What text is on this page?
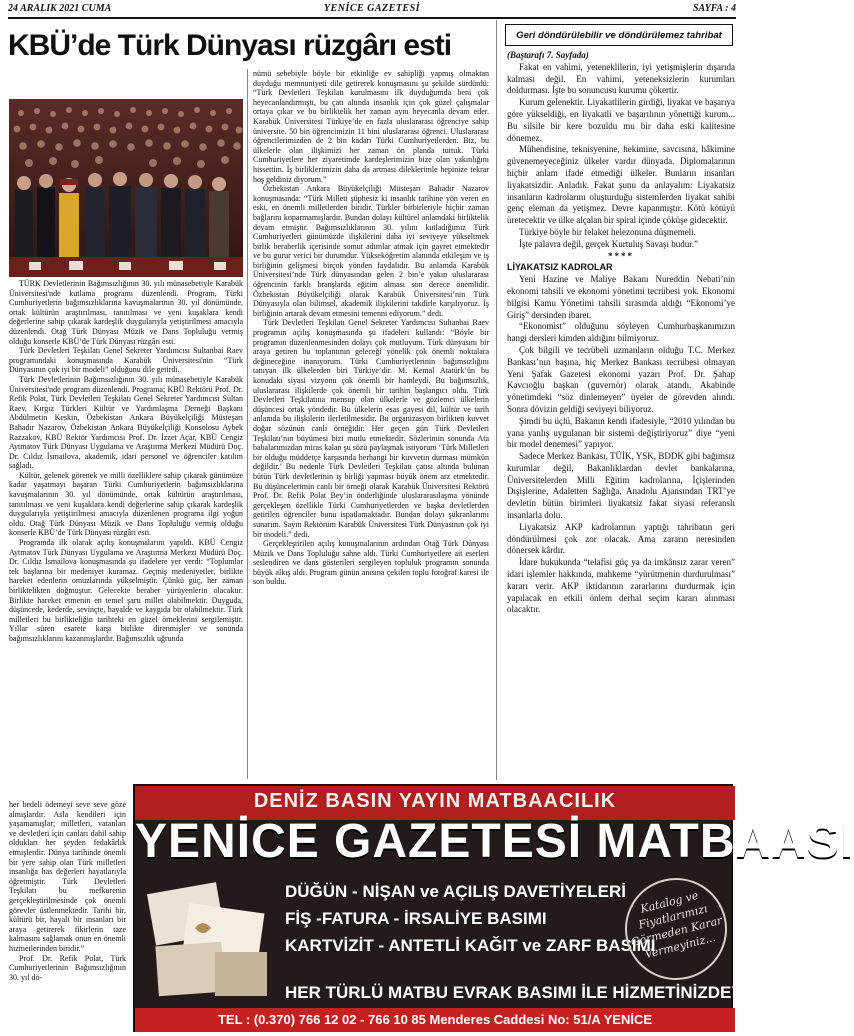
24 ARALIK 2021 CUMA	YENİCE GAZETESİ	SAYFA : 4
KBÜ’de Türk Dünyası rüzgârı esti

TÜRK Devletlerinin Bağımsızlığının 30. yılı münasebetiyle Karabük Üniversitesi'nde kutlama programı düzenlendi. Program, Türki Cumhuriyetlerin bağımsızlıklarına kavuşmalarının 30. yıl dönümünde, ortak kültürün araştırılması, tanıtılması ve yeni kuşaklara kendi değerlerine sahip çıkarak kardeşlik duygularıyla yetiştirilmesi amacıyla düzenlendi. Otağ Türk Dünyası Müzik ve Dans Topluluğu vermiş olduğu konserle KBÜ’de Türk Dünyası rüzgârı esti.

Türk Devletleri Teşkilatı Genel Sekreter Yardımcısı Sultanbai Raev programındaki konuşmasında Karabük Üniversitesi'nin “Türk Dünyasının çok iyi bir modeli” olduğunu dile getirdi.

Türk Devletlerinin Bağımsızlığının 30. yılı münasebetiyle Karabük Üniversitesi'nde program düzenlendi. Programa; KBÜ Rektörü Prof. Dr. Refik Polat, Türk Devletleri Teşkilatı Genel Sekreter Yardımcısı Sultan Raev, Kırgız Türkleri Kültür ve Yardımlaşma Derneği Başkanı Abdülmetin Keskin, Özbekistan Ankara Büyükelçiliği Müsteşarı Bahadır Nazarov, Özbekistan Ankara Büyükelçiliği Konsolosu Aybek Razzakov, KBÜ Rektör Yardımcısı Prof. Dr. İzzet Açar, KBÜ Cengiz Aytmatov Türk Dünyası Uygulama ve Araştırma Merkezi Müdürü Doç. Dr. Cıldız İsmailova, akademik, idari personel ve öğrenciler katılım sağladı.

Kültür, gelenek görenek ve milli özelliklere sahip çıkarak günümüze kadar yaşatmayı başaran Türki Cumhuriyetlerin bağımsızlıklarına kavuşmalarının 30. yıl dönümünde, ortak kültürün araştırılması, tanıtılması ve yeni kuşaklara kendi değerlerine sahip çıkarak kardeşlik duygularıyla yetiştirilmesi amacıyla düzenlenen programa ilgi yoğun oldu. Otağ Türk Dünyası Müzik ve Dans Topluluğu vermiş olduğu konserle KBÜ’de Türk Dünyası rüzgârı esti.

Programda ilk olarak açılış konuşmalarını yapıldı. KBÜ Cengiz Aytmatov Türk Dünyası Uygulama ve Araştırma Merkezi Müdürü Doç. Dr. Cıldız İsmailova konuşmasında şu ifadelere yer verdi: “Toplumlar tek başlarına bir medeniyet kuramaz. Geçmiş medeniyetler, birlikte hareket edenlerin omuzlarında yükselmiştir. Çünkü güç, her zaman birliktelikten doğmuştur. Gelecekte beraber yürüyenlerin olacaktır. Birlikte hareket etmenin en temel şartı millet olabilmektir. Duygudа, düşüncede, kederde, sevinçte, hayalde ve kaygıda bir olabilmektir. Türk milletleri bu birlikteliğin tarihteki en güzel örneklerini sergilemiştir. Yıllar süren esarete karşı birlikte direnmişler ve sonunda bağımsızlıklarını kazanmışlardır. Bağımsızlık uğrunda

her bedeli ödemeyi seve seve göze almışlardır. Asla kendileri için yaşamamışlar; milletleri, vatanları ve devletleri için canları dahil sahip oldukları her şeyden fedakârlık etmişlerdir. Dünya tarihinde önemli bir yere sahip olan Türk milletleri insanlığa has değerleri hayatlarıyla öğretmiştir. Türk Devletleri Teşkilatı bu mefkurenin gerçekleştirilmesinde çok önemli görevler üstlenmektedir. Tarihi bir, kültürü bir, hayali bir insanları bir araya getirerek fikirlerin taze kalmasını sağlamak onun en önemli hizmetlerinden biridir.”

Prof. Dr. Refik Polat, Türk Cumhuriyetlerinin Bağımsızlığının 30. yıl dö-

nümü sebebiyle böyle bir etkinliğe ev sahipliği yapmış olmaktan duyduğu memnuniyeti dile getirerek konuşmasını şu şekilde sürdürdü: “Türk Devletleri Teşkilatı kurulmasını ilk duyduğumda beni çok heyecanlandırmıştı, bu çatı altında insanlık için çok güzel çalışmalar ortaya çıkar ve bu birliktelik her zaman aynı heyecanla devam eder. Karabük Üniversitesi Türkiye’de en fazla uluslararası öğrenciye sahip üniversite. 50 bin öğrencimizin 11 bini uluslararası öğrenci. Uluslararası öğrencilerimizden de 2 bin kadarı Türki Cumhuriyetlerden. Biz, bu ülkelerle olan ilişkimizi her zaman ön planda tuttuk. Türki Cumhuriyetlere her ziyaretimde kardeşlerimizin bize olan yakınlığını hissettim. İş birliklerimizin daha da artması dileklerimle hepinize tekrar hoş geldiniz diyorum.”

Özbekistan Ankara Büyükelçiliği Müsteşarı Bahadır Nazarov konuşmasında: “Türk Milleti şüphesiz ki insanlık tarihine yön veren en eski, en önemli milletlerden biridir. Türkler birbirleriyle hiçbir zaman bağlarını koparmamışlardır. Bundan dolayı kültürel anlamdaki birliktelik devam etmiştir. Bağımsızlıklarının 30. yılını kutladığımız Türk Cumhuriyetleri günümüzde ilişkilerini daha iyi seviyeye yükseltmek birlik beraberlik içerisinde somut adımlar atmak için gayret etmektedir ve bu gurur verici bir durumdur. Yükseköğretim alanında etkileşim ve iş birliğinin gelişmesi birçok yönden faydalıdır. Bu anlamda Karabük Üniversitesi’nde Türk dünyasından gelen 2 bin’e yakın uluslararası öğrencinin farklı branşlarda eğitim alması son derece önemlidir. Özbekistan Büyükelçiliği olarak Karabük Üniversitesi’nin Türk Dünyasıyla olan bilimsel, akademik ilişkilerini takdirle karşılıyoruz. İş birliğinin artarak devam etmesini temenni ediyorum.” dedi.

Türk Devletleri Teşkilatı Genel Sekreter Yardımcısı Sultanbai Raev programın açılış konuşmasında şu ifadeleri kullandı: “Böyle bir programın düzenlenmesinden dolayı çok mutluyum. Türk dünyasını bir araya getiren bu toplantının geleceği yönelik çok önemli noktalara değineceğine inanıyorum. Türki Cumhuriyetlerinin bağımsızlığını tanıyan ilk ülkelerden biri Türkiye’dir. M. Kemal Atatürk’ün bu konudaki siyasi vizyonu çok önemli bir hamleydi. Bu bağımsızlık, uluslararası ilişkilerde çok önemli bir tarihin başlangıcı oldu. Türk Devletleri Teşkilatına mensup olan ülkelerle ve gözlemci ülkelerin düşüncesi ortak yöndedir. Bu ülkelerin esas gayesi dil, kültür ve tarih anlamda bu ilişkilerin ilerletilmesidir. Bu organizasyon birlikten kuvvet doğar sözünün canlı örneğidir. Her geçen gün Türk Devletleri Teşkilatı’nın büyümesi bizi mutlu etmektedir. Sözlerimin sonunda Ata babalarımızdan miras kalan şu sözü paylaşmak istiyorum ‘Türk Milletleri bir olduğu müddetçe karşısında herhangi bir kuvvetin durması mümkün değildir.’ Bu nedenle Türk Devletleri Teşkilatı çatısı altında bulunan bütün Türk devletlerinin iş birliği yapması büyük önem arz etmektedir. Bu düşüncelerimin canlı bir örneği olarak Karabük Üniversitesi Rektörü Prof. Dr. Refik Polat Bey’in önderliğinde uluslararasılaşma yönünde gerçekleşen özellikle Türki Cumhuriyetlerden ve başka devletlerden getirilen öğrenciler bunu ispatlamaktadır. Bundan dolayı şükranlarımı sunarım. Sayın Rektörüm Karabük Üniversitesi Türk Dünyasının çok iyi bir modeli.” dedi.

Gerçekleştirilen açılış konuşmalarının ardından Otağ Türk Dünyası Müzik ve Dans Topluluğu sahne aldı. Türki Cumhuriyetlere ait eserleri seslendiren ve dans gösterileri sergileyen topluluk programın sonunda büyük alkış aldı. Program günün anısına çekilen toplu fotoğraf karesi ile son buldu.

Geri döndürülebilir ve döndürülemez tahribat

(Baştarafı 7. Sayfada)

Fakat en vahimi, yeteneklilerin, iyi yetişmişlerin dışarıda kalması değil. En vahimi, yeteneksizlerin kurumları doldurması. İşte bu sonuncusu kurumu çökertir.

Kurum gelenektir. Liyakatlilerin girdiği, liyakat ve başarıya göre yükseldiği, en liyakatli ve başarılının yönettiği kurum... Bu silsile bir kere bozuldu mu bir daha eski kalitesine dönemez.

Mühendisine, teknisyenine, hekimine, savcısına, hâkimine güvenemeyeceğiniz ülkeler vardır dünyada. Diplomalarının hiçbir anlam ifade etmediği ülkeler. Bunların insanları liyakatsizdir. Anladık. Fakat şunu da anlayalım: Liyakatsiz insanların kadrolarını oluşturduğu sistemlerden liyakat sahibi genç eleman da yetişmez. Devre kapanmıştır. Kötü kötüyü üretecektir ve ülke alçalan bir spiral içinde çöküşe gidecektir.

Türkiye böyle bir felaket helezonuna düşmemeli.

İşte palavra değil, gerçek Kurtuluş Savaşı budur.”

****

LİYAKATSIZ KADROLAR

Yeni Hazine ve Maliye Bakanı Nureddin Nebati’nin ekonomi tahsili ve ekonomi yönetimi tecrübesi yok. Ekonomi bilgisi Kamu Yönetimi tahsili sırasında aldığı “Ekonomi’ye Giriş” dersinden ibaret.

“Ekonomist” olduğunu söyleyen Cumhurbaşkanımızın hangi dersleri kimden aldığını bilmiyoruz.

Çok bilgili ve tecrübeli uzmanların olduğu T.C. Merkez Bankası’nın başına, hiç Merkez Bankası tecrübesi olmayan Yeni Şafak Gazetesi ekonomi yazarı Prof. Dr. Şahap Kavcıoğlu başkan (guvernör) olarak atandı. Akabinde yönetimdeki “söz dinlemeyen” üyeler de görevden alındı. Sonra dövizin geldiği seviyeyi biliyoruz.

Şimdi bu üçlü, Bakanın kendi ifadesiyle, “2010 yılından bu yana yanlış uygulanan bir sistemi değiştiriyoruz” diye “yeni bir model denemesi” yapıyor.

Sadece Merkez Bankası, TÜİK, YSK, BDDK gibi bağımsız kurumlar değil, Bakanlıklardan devlet bankalarına, Üniversitelerden Milli Eğitim kadrolarına, İçişlerinden Dışişlerine, Adaletten Sağlığa, Anadolu Ajansından TRT’ye devletin bütün birimleri liyakatsiz fakat siyasi referanslı insanlarla dolu.

Liyakatsiz AKP kadrolarının yaptığı tahribatın geri döndürülmesi çok zor olacak. Ama zararın neresinden dönersek kârdır.

İdare hukukunda “telafisi güç ya da imkânsız zarar veren” idari işlemler hakkında, mahkeme “yürütmenin durdurulması” kararı verir. AKP iktidarının zararlarını durdurmak için yapılacak en etkili önlem derhal seçim kararı alınması olacaktır.

DENİZ BASIN YAYIN MATBAACILIK
YENİCE GAZETESİ MATBAASI
DÜĞÜN - NİŞAN ve AÇILIŞ DAVETİYELERİ
FİŞ -FATURA - İRSALİYE BASIMI
KARTVİZİT - ANTETLİ KAĞIT ve ZARF BASIMI
HER TÜRLÜ MATBU EVRAK BASIMI İLE HİZMETİNİZDEYİZ...
Katalog ve Fiyatlarımızı Görmeden Karar Vermeyiniz...
TEL : (0.370) 766 12 02 - 766 10 85 Menderes Caddesi No: 51/A YENİCE
